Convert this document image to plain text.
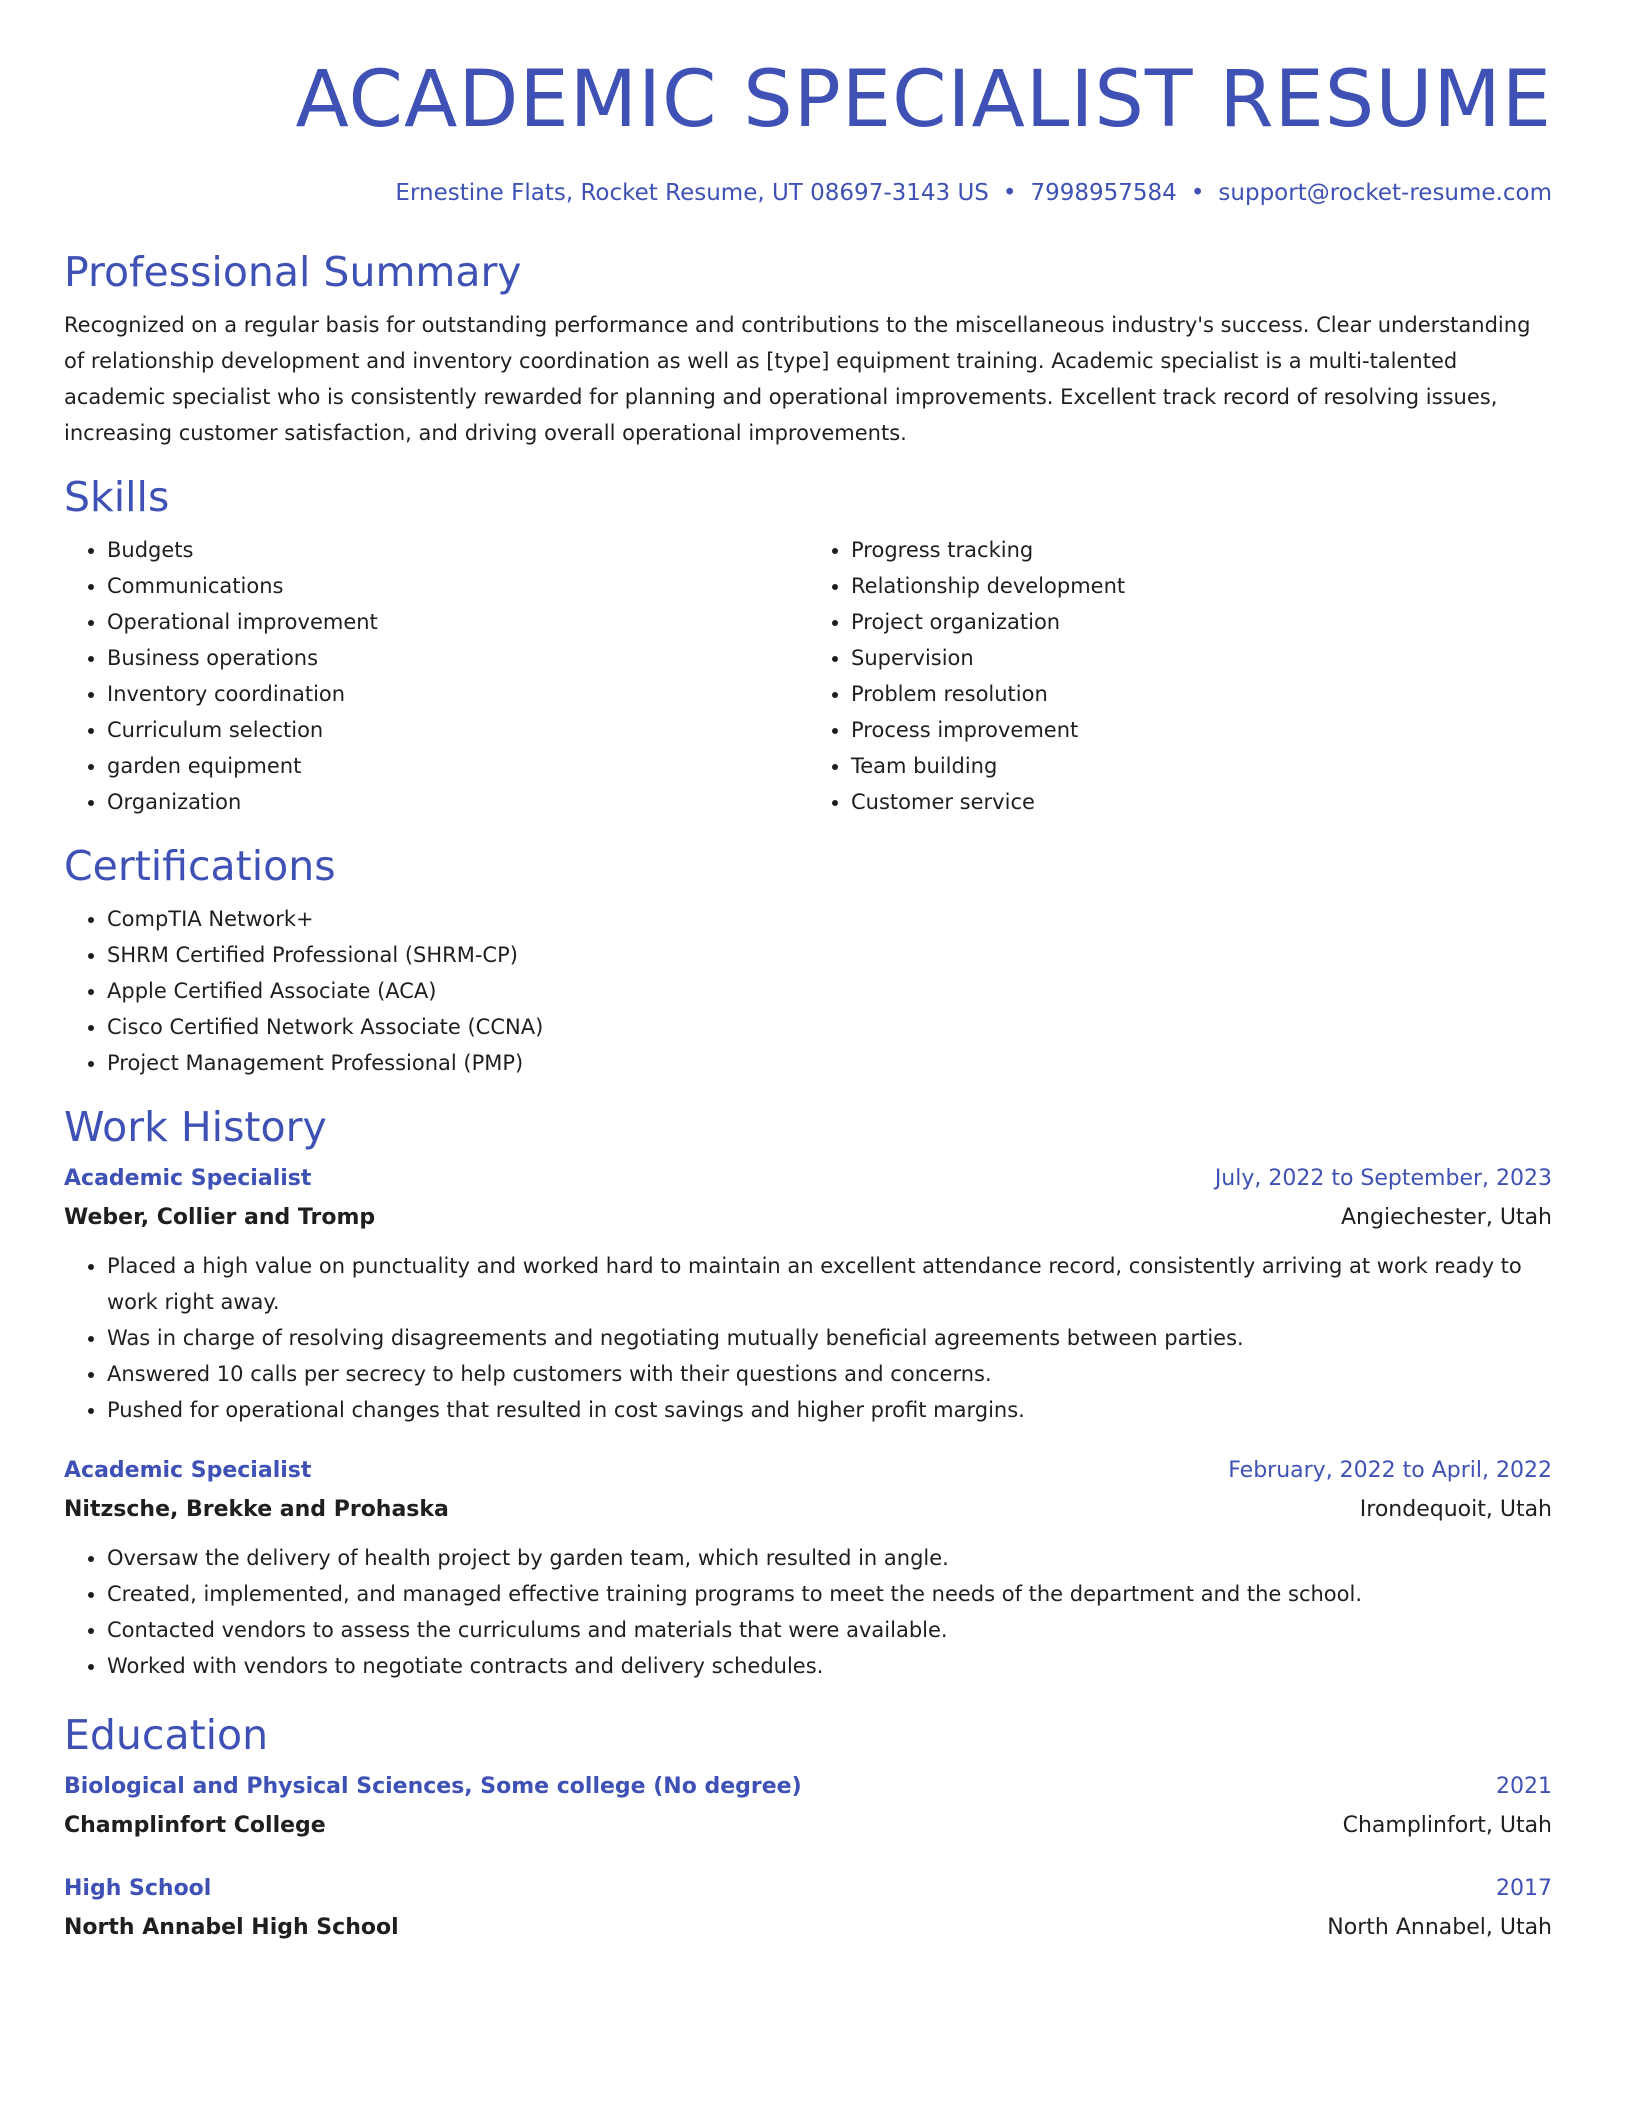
ACADEMIC SPECIALIST RESUME
Ernestine Flats, Rocket Resume, UT 08697-3143 US • 7998957584 • support@rocket-resume.com
Professional Summary

Recognized on a regular basis for outstanding performance and contributions to the miscellaneous industry's success. Clear understanding of relationship development and inventory coordination as well as [type] equipment training. Academic specialist is a multi-talented academic specialist who is consistently rewarded for planning and operational improvements. Excellent track record of resolving issues, increasing customer satisfaction, and driving overall operational improvements.

Skills
• Budgets
• Communications
• Operational improvement
• Business operations
• Inventory coordination
• Curriculum selection
• garden equipment
• Organization
• Progress tracking
• Relationship development
• Project organization
• Supervision
• Problem resolution
• Process improvement
• Team building
• Customer service
Certifications
• CompTIA Network+
• SHRM Certified Professional (SHRM-CP)
• Apple Certified Associate (ACA)
• Cisco Certified Network Associate (CCNA)
• Project Management Professional (PMP)
Work History
Academic Specialist	July, 2022 to September, 2023
Weber, Collier and Tromp	Angiechester, Utah
• Placed a high value on punctuality and worked hard to maintain an excellent attendance record, consistently arriving at work ready to work right away.
• Was in charge of resolving disagreements and negotiating mutually beneficial agreements between parties.
• Answered 10 calls per secrecy to help customers with their questions and concerns.
• Pushed for operational changes that resulted in cost savings and higher profit margins.
Academic Specialist	February, 2022 to April, 2022
Nitzsche, Brekke and Prohaska	Irondequoit, Utah
• Oversaw the delivery of health project by garden team, which resulted in angle.
• Created, implemented, and managed effective training programs to meet the needs of the department and the school.
• Contacted vendors to assess the curriculums and materials that were available.
• Worked with vendors to negotiate contracts and delivery schedules.
Education
Biological and Physical Sciences, Some college (No degree)	2021
Champlinfort College	Champlinfort, Utah
High School	2017
North Annabel High School	North Annabel, Utah
